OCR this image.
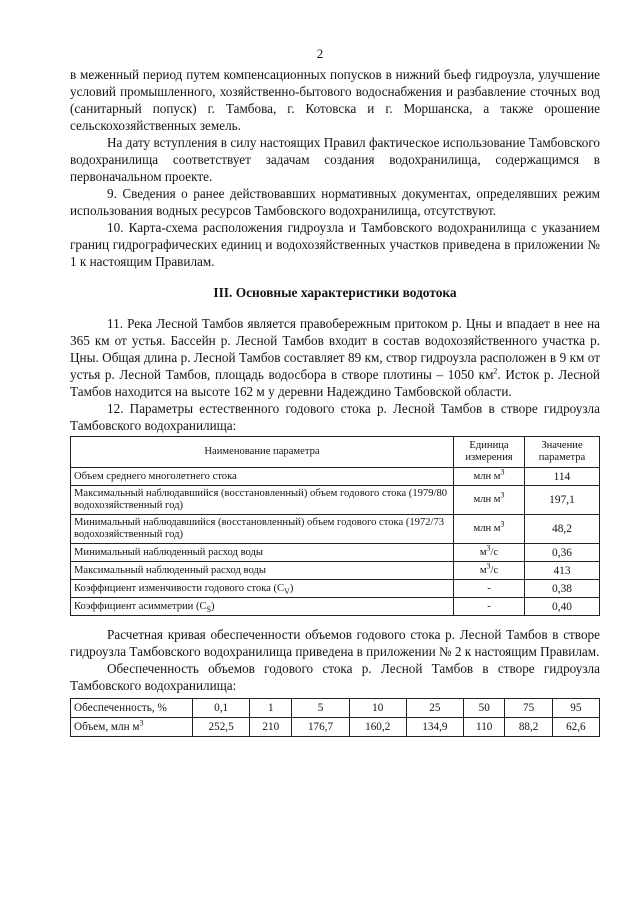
2

в меженный период путем компенсационных попусков в нижний бьеф гидроузла, улучшение условий промышленного, хозяйственно-бытового водоснабжения и разбавление сточных вод (санитарный попуск) г. Тамбова, г. Котовска и г. Моршанска, а также орошение сельскохозяйственных земель.

На дату вступления в силу настоящих Правил фактическое использование Тамбовского водохранилища соответствует задачам создания водохранилища, содержащимся в первоначальном проекте.

9. Сведения о ранее действовавших нормативных документах, определявших режим использования водных ресурсов Тамбовского водохранилища, отсутствуют.

10. Карта-схема расположения гидроузла и Тамбовского водохранилища с указанием границ гидрографических единиц и водохозяйственных участков приведена в приложении № 1 к настоящим Правилам.

III. Основные характеристики водотока

11. Река Лесной Тамбов является правобережным притоком р. Цны и впадает в нее на 365 км от устья. Бассейн р. Лесной Тамбов входит в состав водохозяйственного участка р. Цны. Общая длина р. Лесной Тамбов составляет 89 км, створ гидроузла расположен в 9 км от устья р. Лесной Тамбов, площадь водосбора в створе плотины – 1050 $км^2$. Исток р. Лесной Тамбов находится на высоте 162 м у деревни Надеждино Тамбовской области.

12. Параметры естественного годового стока р. Лесной Тамбов в створе гидроузла Тамбовского водохранилища:

Наименование параметра	Единица измерения	Значение параметра
Объем среднего многолетнего стока	млн $м^3$	114
Максимальный наблюдавшийся (восстановленный) объем годового стока (1979/80 водохозяйственный год)	млн $м^3$	197,1
Минимальный наблюдавшийся (восстановленный) объем годового стока (1972/73 водохозяйственный год)	млн $м^3$	48,2
Минимальный наблюденный расход воды	$м^3/с$	0,36
Максимальный наблюденный расход воды	$м^3/с$	413
Коэффициент изменчивости годового стока $(C_V)$	-	0,38
Коэффициент асимметрии $(C_S)$	-	0,40

Расчетная кривая обеспеченности объемов годового стока р. Лесной Тамбов в створе гидроузла Тамбовского водохранилища приведена в приложении № 2 к настоящим Правилам.

Обеспеченность объемов годового стока р. Лесной Тамбов в створе гидроузла Тамбовского водохранилища:

Обеспеченность, %	0,1	1	5	10	25	50	75	95
Объем, млн $м^3$	252,5	210	176,7	160,2	134,9	110	88,2	62,6
